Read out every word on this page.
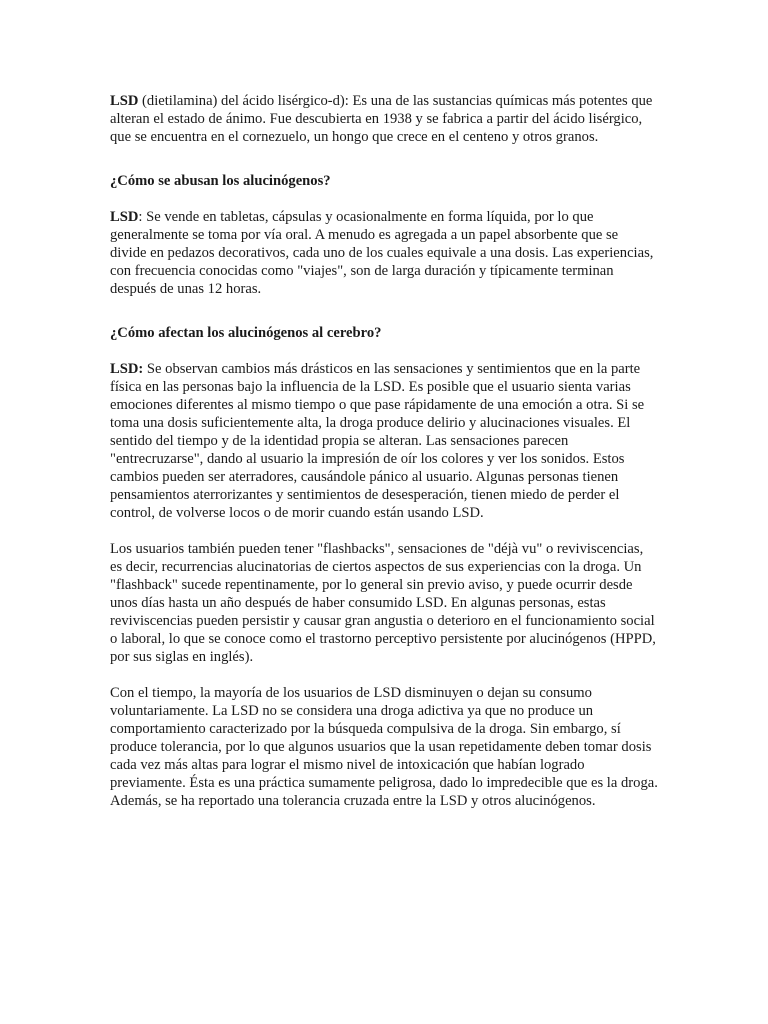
LSD (dietilamina) del ácido lisérgico-d): Es una de las sustancias químicas más potentes que alteran el estado de ánimo. Fue descubierta en 1938 y se fabrica a partir del ácido lisérgico, que se encuentra en el cornezuelo, un hongo que crece en el centeno y otros granos.

¿Cómo se abusan los alucinógenos?

LSD: Se vende en tabletas, cápsulas y ocasionalmente en forma líquida, por lo que generalmente se toma por vía oral. A menudo es agregada a un papel absorbente que se divide en pedazos decorativos, cada uno de los cuales equivale a una dosis. Las experiencias, con frecuencia conocidas como "viajes", son de larga duración y típicamente terminan después de unas 12 horas.

¿Cómo afectan los alucinógenos al cerebro?

LSD: Se observan cambios más drásticos en las sensaciones y sentimientos que en la parte física en las personas bajo la influencia de la LSD. Es posible que el usuario sienta varias emociones diferentes al mismo tiempo o que pase rápidamente de una emoción a otra. Si se toma una dosis suficientemente alta, la droga produce delirio y alucinaciones visuales. El sentido del tiempo y de la identidad propia se alteran. Las sensaciones parecen "entrecruzarse", dando al usuario la impresión de oír los colores y ver los sonidos. Estos cambios pueden ser aterradores, causándole pánico al usuario. Algunas personas tienen pensamientos aterrorizantes y sentimientos de desesperación, tienen miedo de perder el control, de volverse locos o de morir cuando están usando LSD.

Los usuarios también pueden tener "flashbacks", sensaciones de "déjà vu" o reviviscencias, es decir, recurrencias alucinatorias de ciertos aspectos de sus experiencias con la droga. Un "flashback" sucede repentinamente, por lo general sin previo aviso, y puede ocurrir desde unos días hasta un año después de haber consumido LSD. En algunas personas, estas reviviscencias pueden persistir y causar gran angustia o deterioro en el funcionamiento social o laboral, lo que se conoce como el trastorno perceptivo persistente por alucinógenos (HPPD, por sus siglas en inglés).

Con el tiempo, la mayoría de los usuarios de LSD disminuyen o dejan su consumo voluntariamente. La LSD no se considera una droga adictiva ya que no produce un comportamiento caracterizado por la búsqueda compulsiva de la droga. Sin embargo, sí produce tolerancia, por lo que algunos usuarios que la usan repetidamente deben tomar dosis cada vez más altas para lograr el mismo nivel de intoxicación que habían logrado previamente. Ésta es una práctica sumamente peligrosa, dado lo impredecible que es la droga. Además, se ha reportado una tolerancia cruzada entre la LSD y otros alucinógenos.
